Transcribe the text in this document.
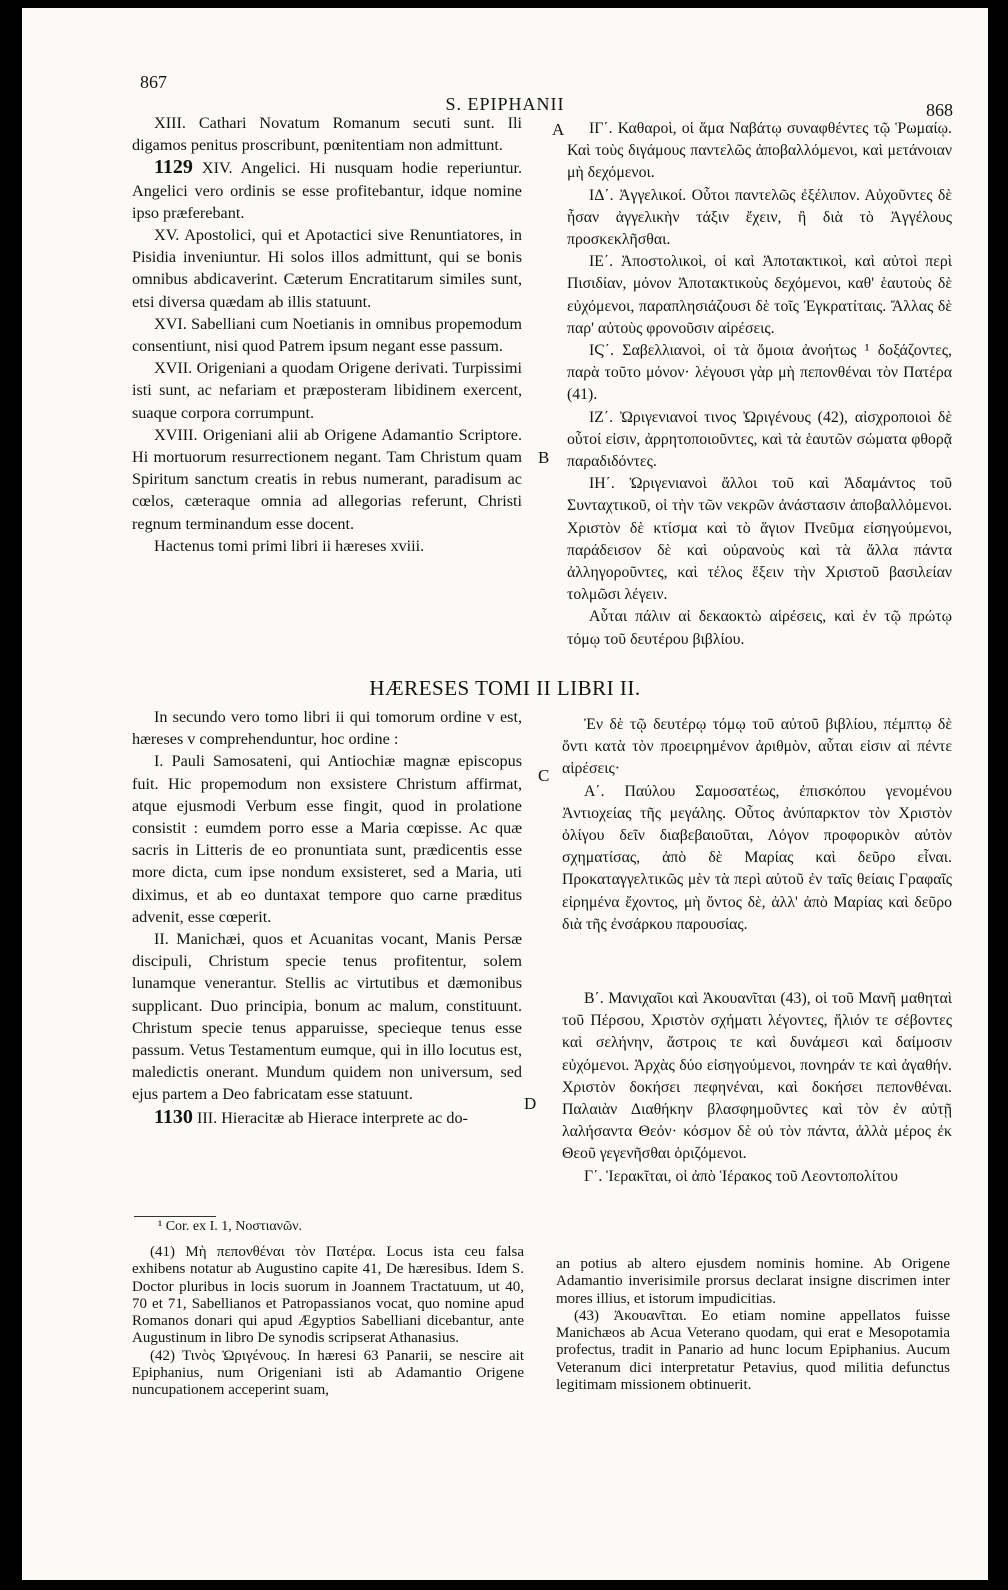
867
S. EPIPHANII	868
A
B
C
D

XIII. Cathari Novatum Romanum secuti sunt. Ili digamos penitus proscribunt, pœnitentiam non admittunt.

1129 XIV. Angelici. Hi nusquam hodie reperiuntur. Angelici vero ordinis se esse profitebantur, idque nomine ipso præferebant.

XV. Apostolici, qui et Apotactici sive Renuntiatores, in Pisidia inveniuntur. Hi solos illos admittunt, qui se bonis omnibus abdicaverint. Cæterum Encratitarum similes sunt, etsi diversa quædam ab illis statuunt.

XVI. Sabelliani cum Noetianis in omnibus propemodum consentiunt, nisi quod Patrem ipsum negant esse passum.

XVII. Origeniani a quodam Origene derivati. Turpissimi isti sunt, ac nefariam et præposteram libidinem exercent, suaque corpora corrumpunt.

XVIII. Origeniani alii ab Origene Adamantio Scriptore. Hi mortuorum resurrectionem negant. Tam Christum quam Spiritum sanctum creatis in rebus numerant, paradisum ac cœlos, cæteraque omnia ad allegorias referunt, Christi regnum terminandum esse docent.

Hactenus tomi primi libri ii hæreses xviii.

ΙΓ΄. Καθαροὶ, οἱ ἅμα Ναβάτῳ συναφθέντες τῷ Ῥωμαίῳ. Καὶ τοὺς διγάμους παντελῶς ἀποβαλλόμενοι, καὶ μετάνοιαν μὴ δεχόμενοι.

ΙΔ΄. Ἀγγελικοί. Οὗτοι παντελῶς ἐξέλιπον. Αὐχοῦντες δὲ ἦσαν ἀγγελικὴν τάξιν ἔχειν, ἢ διὰ τὸ Ἀγγέλους προσκεκλῆσθαι.

ΙΕ΄. Ἀποστολικοὶ, οἱ καὶ Ἀποτακτικοὶ, καὶ αὐτοὶ περὶ Πισιδίαν, μόνον Ἀποτακτικοὺς δεχόμενοι, καθ' ἑαυτοὺς δὲ εὐχόμενοι, παραπλησιάζουσι δὲ τοῖς Ἐγκρατίταις. Ἄλλας δὲ παρ' αὐτοὺς φρονοῦσιν αἱρέσεις.

ΙϚ΄. Σαβελλιανοὶ, οἱ τὰ ὅμοια ἀνοήτως ¹ δοξάζοντες, παρὰ τοῦτο μόνον· λέγουσι γὰρ μὴ πεπονθέναι τὸν Πατέρα (41).

ΙΖ΄. Ὠριγενιανοί τινος Ὠριγένους (42), αἰσχροποιοὶ δὲ οὗτοί εἰσιν, ἀρρητοποιοῦντες, καὶ τὰ ἑαυτῶν σώματα φθορᾷ παραδιδόντες.

ΙΗ΄. Ὠριγενιανοὶ ἄλλοι τοῦ καὶ Ἀδαμάντος τοῦ Συνταχτικοῦ, οἱ τὴν τῶν νεκρῶν ἀνάστασιν ἀποβαλλόμενοι. Χριστὸν δὲ κτίσμα καὶ τὸ ἅγιον Πνεῦμα εἰσηγούμενοι, παράδεισον δὲ καὶ οὐρανοὺς καὶ τὰ ἄλλα πάντα ἀλληγοροῦντες, καὶ τέλος ἕξειν τὴν Χριστοῦ βασιλείαν τολμῶσι λέγειν.

Αὗται πάλιν αἱ δεκαοκτὼ αἱρέσεις, καὶ ἐν τῷ πρώτῳ τόμῳ τοῦ δευτέρου βιβλίου.

HÆRESES TOMI II LIBRI II.

In secundo vero tomo libri ii qui tomorum ordine v est, hæreses v comprehenduntur, hoc ordine :

I. Pauli Samosateni, qui Antiochiæ magnæ episcopus fuit. Hic propemodum non exsistere Christum affirmat, atque ejusmodi Verbum esse fingit, quod in prolatione consistit : eumdem porro esse a Maria cœpisse. Ac quæ sacris in Litteris de eo pronuntiata sunt, prædicentis esse more dicta, cum ipse nondum exsisteret, sed a Maria, uti diximus, et ab eo duntaxat tempore quo carne præditus advenit, esse cœperit.

II. Manichæi, quos et Acuanitas vocant, Manis Persæ discipuli, Christum specie tenus profitentur, solem lunamque venerantur. Stellis ac virtutibus et dæmonibus supplicant. Duo principia, bonum ac malum, constituunt. Christum specie tenus apparuisse, specieque tenus esse passum. Vetus Testamentum eumque, qui in illo locutus est, maledictis onerant. Mundum quidem non universum, sed ejus partem a Deo fabricatam esse statuunt.

1130 III. Hieracitæ ab Hierace interprete ac do-

Ἐν δὲ τῷ δευτέρῳ τόμῳ τοῦ αὐτοῦ βιβλίου, πέμπτῳ δὲ ὄντι κατὰ τὸν προειρημένον ἀριθμὸν, αὗται εἰσιν αἱ πέντε αἱρέσεις·

Α΄. Παύλου Σαμοσατέως, ἐπισκόπου γενομένου Ἀντιοχείας τῆς μεγάλης. Οὗτος ἀνύπαρκτον τὸν Χριστὸν ὀλίγου δεῖν διαβεβαιοῦται, Λόγον προφορικὸν αὐτὸν σχηματίσας, ἀπὸ δὲ Μαρίας καὶ δεῦρο εἶναι. Προκαταγγελτικῶς μὲν τὰ περὶ αὐτοῦ ἐν ταῖς θείαις Γραφαῖς εἰρημένα ἔχοντος, μὴ ὄντος δὲ, ἀλλ' ἀπὸ Μαρίας καὶ δεῦρο διὰ τῆς ἐνσάρκου παρουσίας.

Β΄. Μανιχαῖοι καὶ Ἀκουανῖται (43), οἱ τοῦ Μανῆ μαθηταὶ τοῦ Πέρσου, Χριστὸν σχήματι λέγοντες, ἥλιόν τε σέβοντες καὶ σελήνην, ἄστροις τε καὶ δυνάμεσι καὶ δαίμοσιν εὐχόμενοι. Ἀρχὰς δύο εἰσηγούμενοι, πονηράν τε καὶ ἀγαθήν. Χριστὸν δοκήσει πεφηνέναι, καὶ δοκήσει πεπονθέναι. Παλαιὰν Διαθήκην βλασφημοῦντες καὶ τὸν ἐν αὐτῇ λαλήσαντα Θεόν· κόσμον δὲ οὐ τὸν πάντα, ἀλλὰ μέρος ἐκ Θεοῦ γεγενῆσθαι ὁριζόμενοι.

Γ΄. Ἱερακῖται, οἱ ἀπὸ Ἱέρακος τοῦ Λεοντοπολίτου

¹ Cor. ex I. 1, Νοστιανῶν.

(41) Μὴ πεπονθέναι τὸν Πατέρα. Locus ista ceu falsa exhibens notatur ab Augustino capite 41, De hæresibus. Idem S. Doctor pluribus in locis suorum in Joannem Tractatuum, ut 40, 70 et 71, Sabellianos et Patropassianos vocat, quo nomine apud Romanos donari qui apud Ægyptios Sabelliani dicebantur, ante Augustinum in libro De synodis scripserat Athanasius.

(42) Τινὸς Ὠριγένους. In hæresi 63 Panarii, se nescire ait Epiphanius, num Origeniani isti ab Adamantio Origene nuncupationem acceperint suam,

an potius ab altero ejusdem nominis homine. Ab Origene Adamantio inverisimile prorsus declarat insigne discrimen inter mores illius, et istorum impudicitias.

(43) Ἀκουανῖται. Eo etiam nomine appellatos fuisse Manichæos ab Acua Veterano quodam, qui erat e Mesopotamia profectus, tradit in Panario ad hunc locum Epiphanius. Aucum Veteranum dici interpretatur Petavius, quod militia defunctus legitimam missionem obtinuerit.
